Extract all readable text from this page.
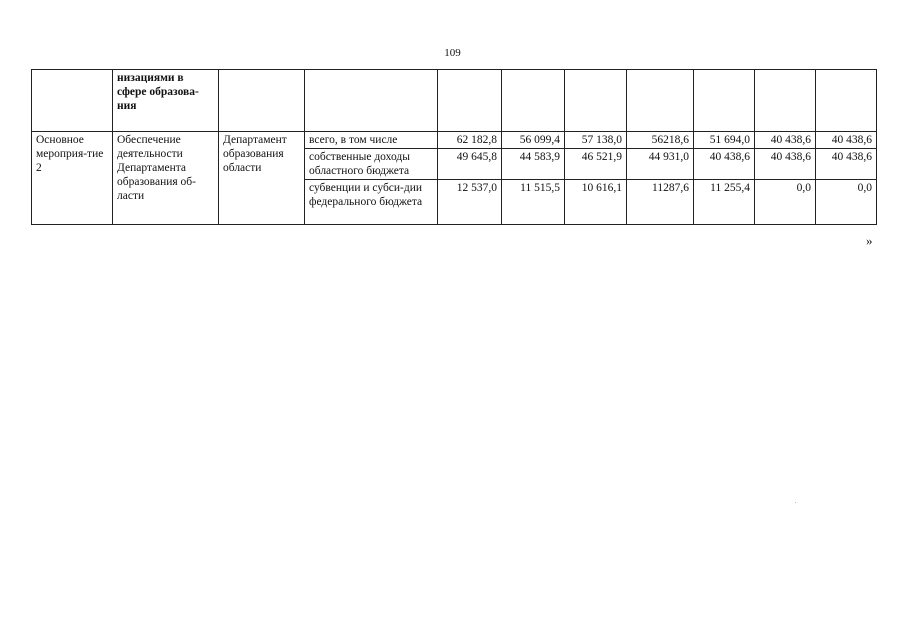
109
	низациями в сфере образова-ния									
Основное мероприя-тие 2	Обеспечение деятельности Департамента образования об-ласти	Департамент образования области	всего, в том числе	62 182,8	56 099,4	57 138,0	56218,6	51 694,0	40 438,6	40 438,6
			собственные доходы областного бюджета	49 645,8	44 583,9	46 521,9	44 931,0	40 438,6	40 438,6	40 438,6
			субвенции и субси-дии федерального бюджета	12 537,0	11 515,5	10 616,1	11287,6	11 255,4	0,0	0,0
»
